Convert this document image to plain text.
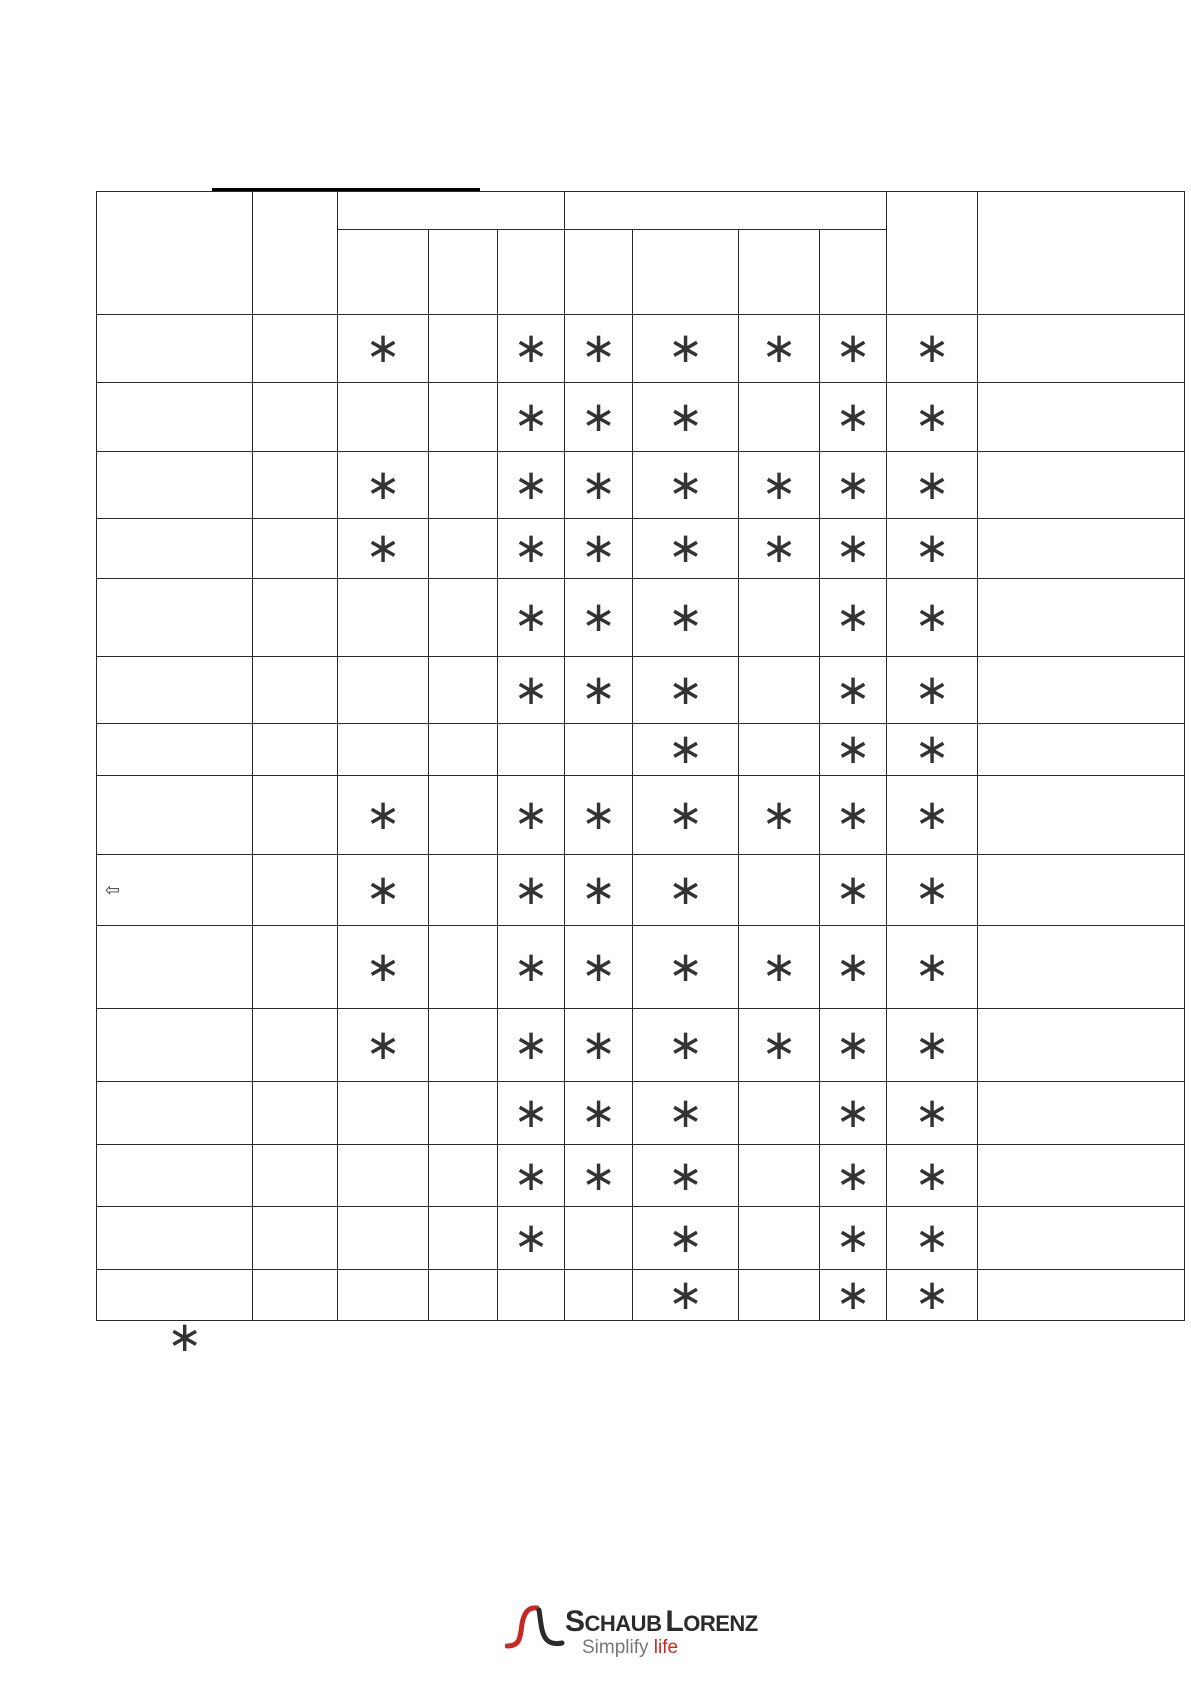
		∗		∗	∗	∗	∗	∗	∗	
				∗	∗	∗		∗	∗	
		∗		∗	∗	∗	∗	∗	∗	
		∗		∗	∗	∗	∗	∗	∗	
				∗	∗	∗		∗	∗	
				∗	∗	∗		∗	∗	
						∗		∗	∗	
		∗		∗	∗	∗	∗	∗	∗	
⇦		∗		∗	∗	∗		∗	∗	
		∗		∗	∗	∗	∗	∗	∗	
		∗		∗	∗	∗	∗	∗	∗	
				∗	∗	∗		∗	∗	
				∗	∗	∗		∗	∗	
				∗		∗		∗	∗	
						∗		∗	∗	
∗
SCHAUB LORENZ
Simplify life
